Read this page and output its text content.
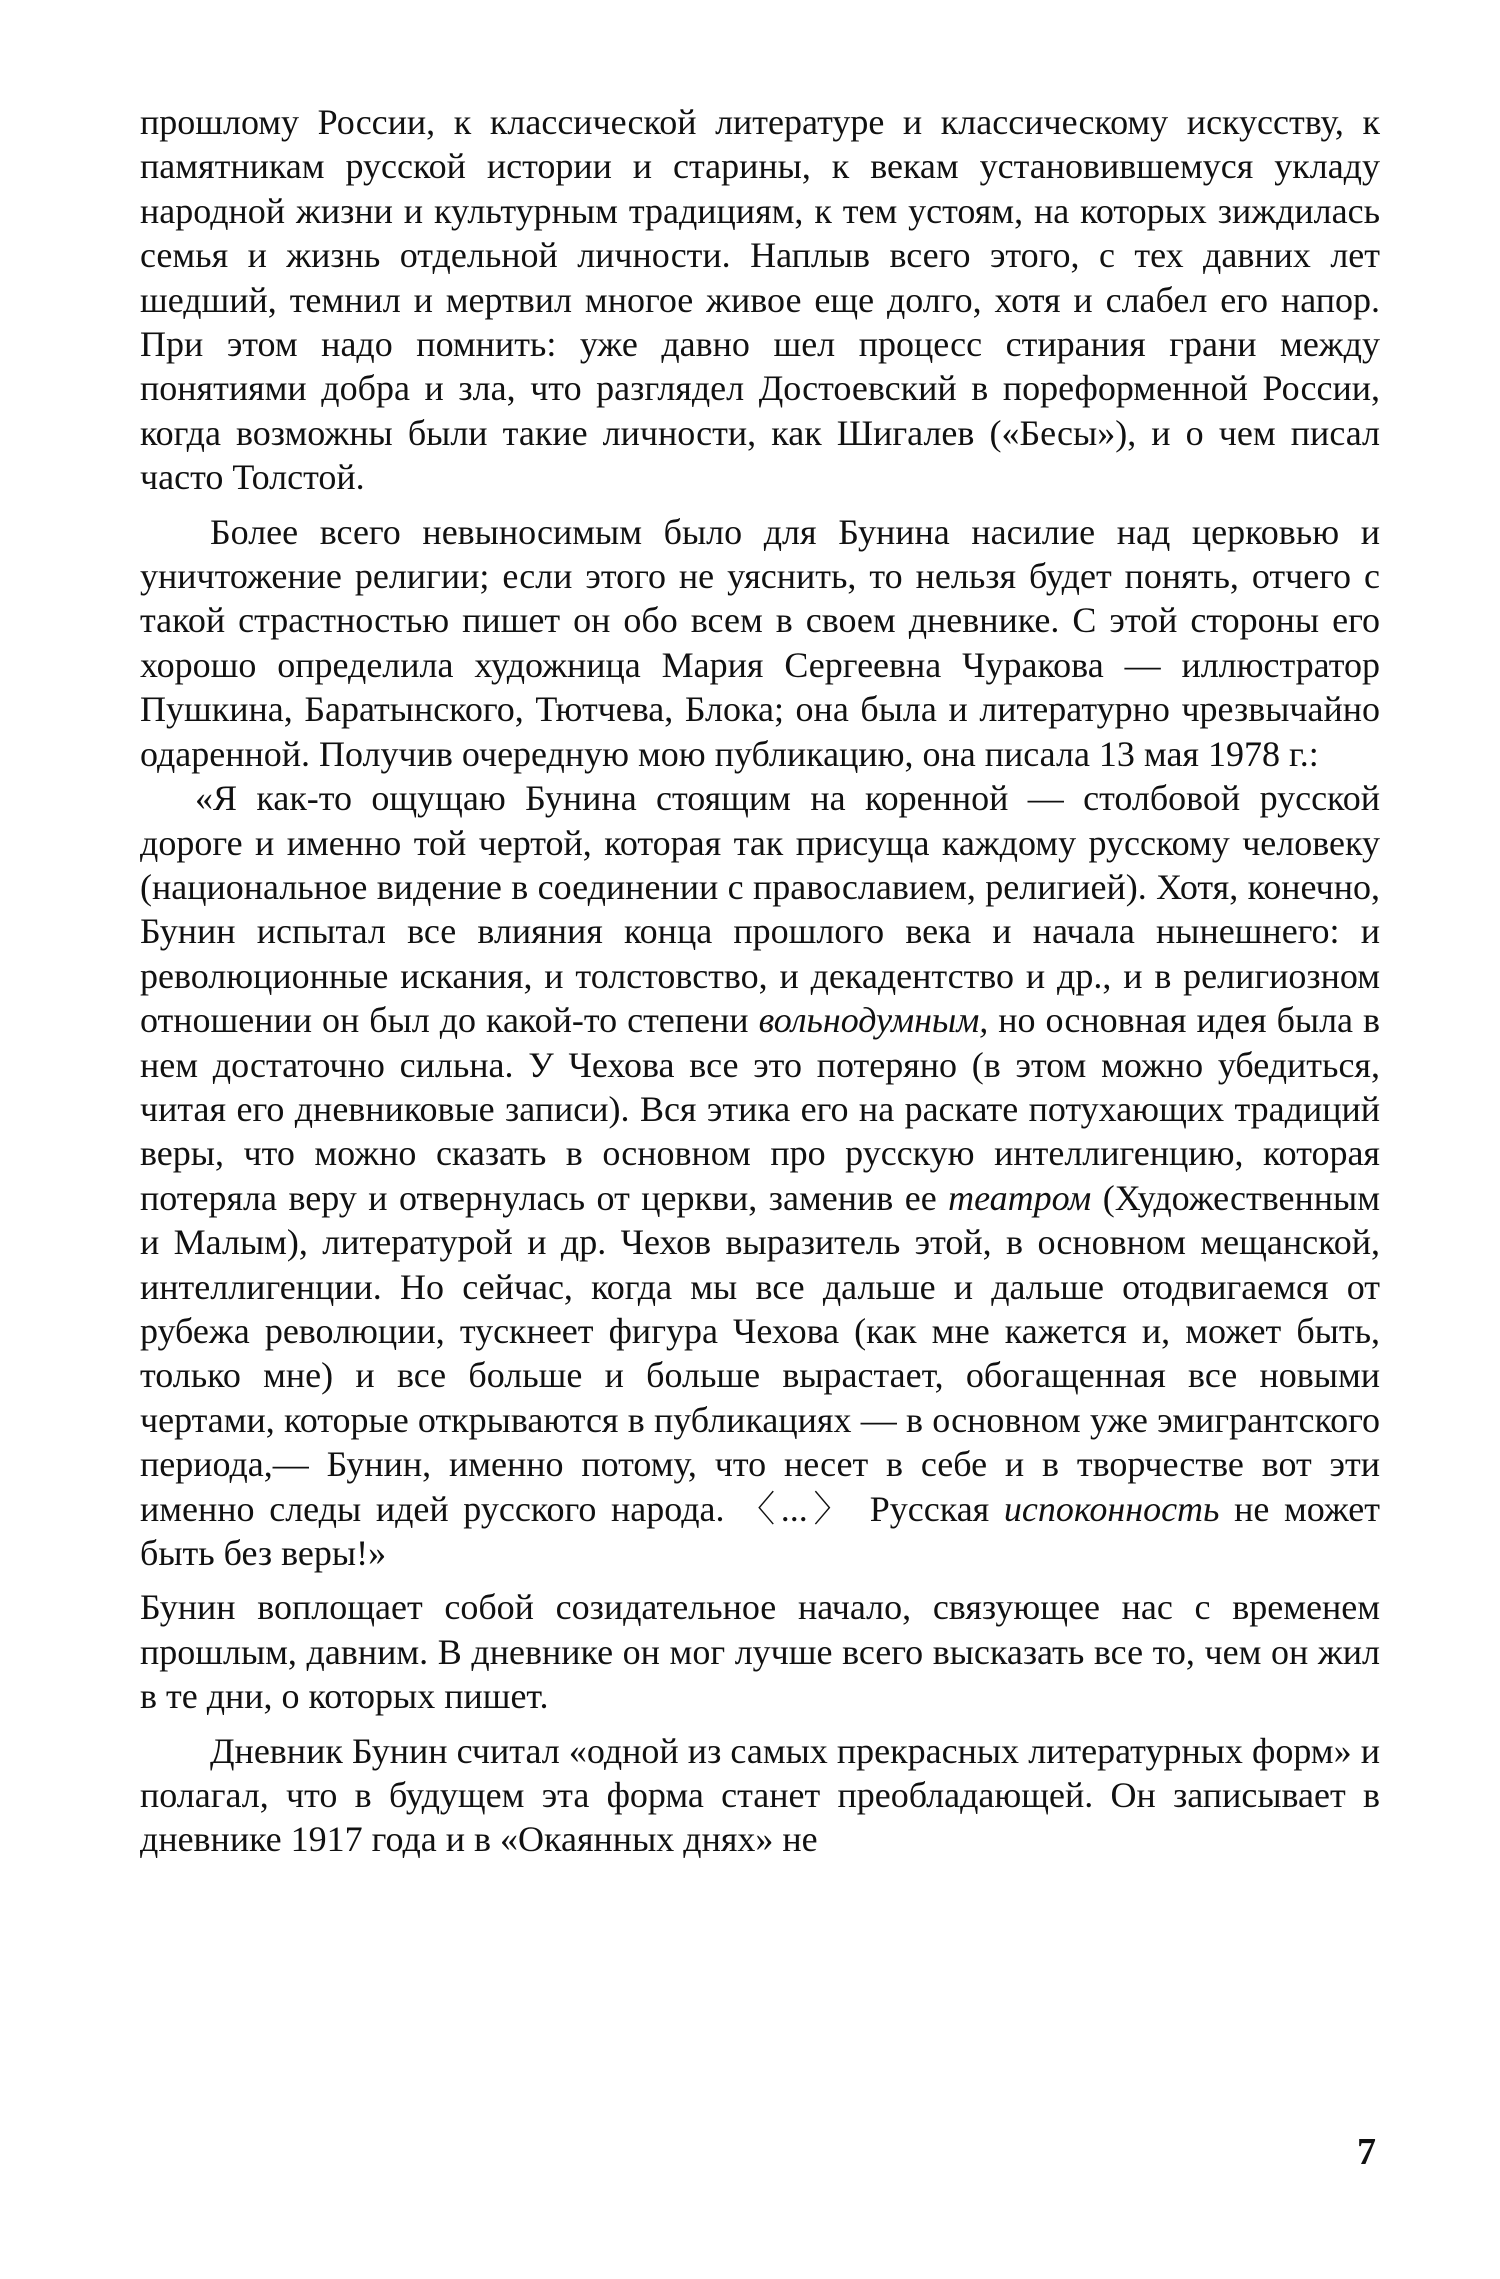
прошлому России, к классической литературе и классическому искусству, к памятникам русской истории и старины, к векам установившемуся укладу народной жизни и культурным традициям, к тем устоям, на которых зиждилась семья и жизнь отдельной личности. Наплыв всего этого, с тех давних лет шедший, темнил и мертвил многое живое еще долго, хотя и слабел его напор. При этом надо помнить: уже давно шел процесс стирания грани между понятиями добра и зла, что разглядел Достоевский в пореформенной России, когда возможны были такие личности, как Шигалев («Бесы»), и о чем писал часто Толстой.

Более всего невыносимым было для Бунина насилие над церковью и уничтожение религии; если этого не уяснить, то нельзя будет понять, отчего с такой страстностью пишет он обо всем в своем дневнике. С этой стороны его хорошо определила художница Мария Сергеевна Чуракова — иллюстратор Пушкина, Баратынского, Тютчева, Блока; она была и литературно чрезвычайно одаренной. Получив очередную мою публикацию, она писала 13 мая 1978 г.:

«Я как-то ощущаю Бунина стоящим на коренной — столбовой русской дороге и именно той чертой, которая так присуща каждому русскому человеку (национальное видение в соединении с православием, религией). Хотя, конечно, Бунин испытал все влияния конца прошлого века и начала нынешнего: и революционные искания, и толстовство, и декадентство и др., и в религиозном отношении он был до какой-то степени вольнодумным, но основная идея была в нем достаточно сильна. У Чехова все это потеряно (в этом можно убедиться, читая его дневниковые записи). Вся этика его на раскате потухающих традиций веры, что можно сказать в основном про русскую интеллигенцию, которая потеряла веру и отвернулась от церкви, заменив ее театром (Художественным и Малым), литературой и др. Чехов выразитель этой, в основном мещанской, интеллигенции. Но сейчас, когда мы все дальше и дальше отодвигаемся от рубежа революции, тускнеет фигура Чехова (как мне кажется и, может быть, только мне) и все больше и больше вырастает, обогащенная все новыми чертами, которые открываются в публикациях — в основном уже эмигрантского периода,— Бунин, именно потому, что несет в себе и в творчестве вот эти именно следы идей русского народа. 〈...〉 Русская испоконность не может быть без веры!»

Бунин воплощает собой созидательное начало, связующее нас с временем прошлым, давним. В дневнике он мог лучше всего высказать все то, чем он жил в те дни, о которых пишет.

Дневник Бунин считал «одной из самых прекрасных литературных форм» и полагал, что в будущем эта форма станет преобладающей. Он записывает в дневнике 1917 года и в «Окаянных днях» не

7
